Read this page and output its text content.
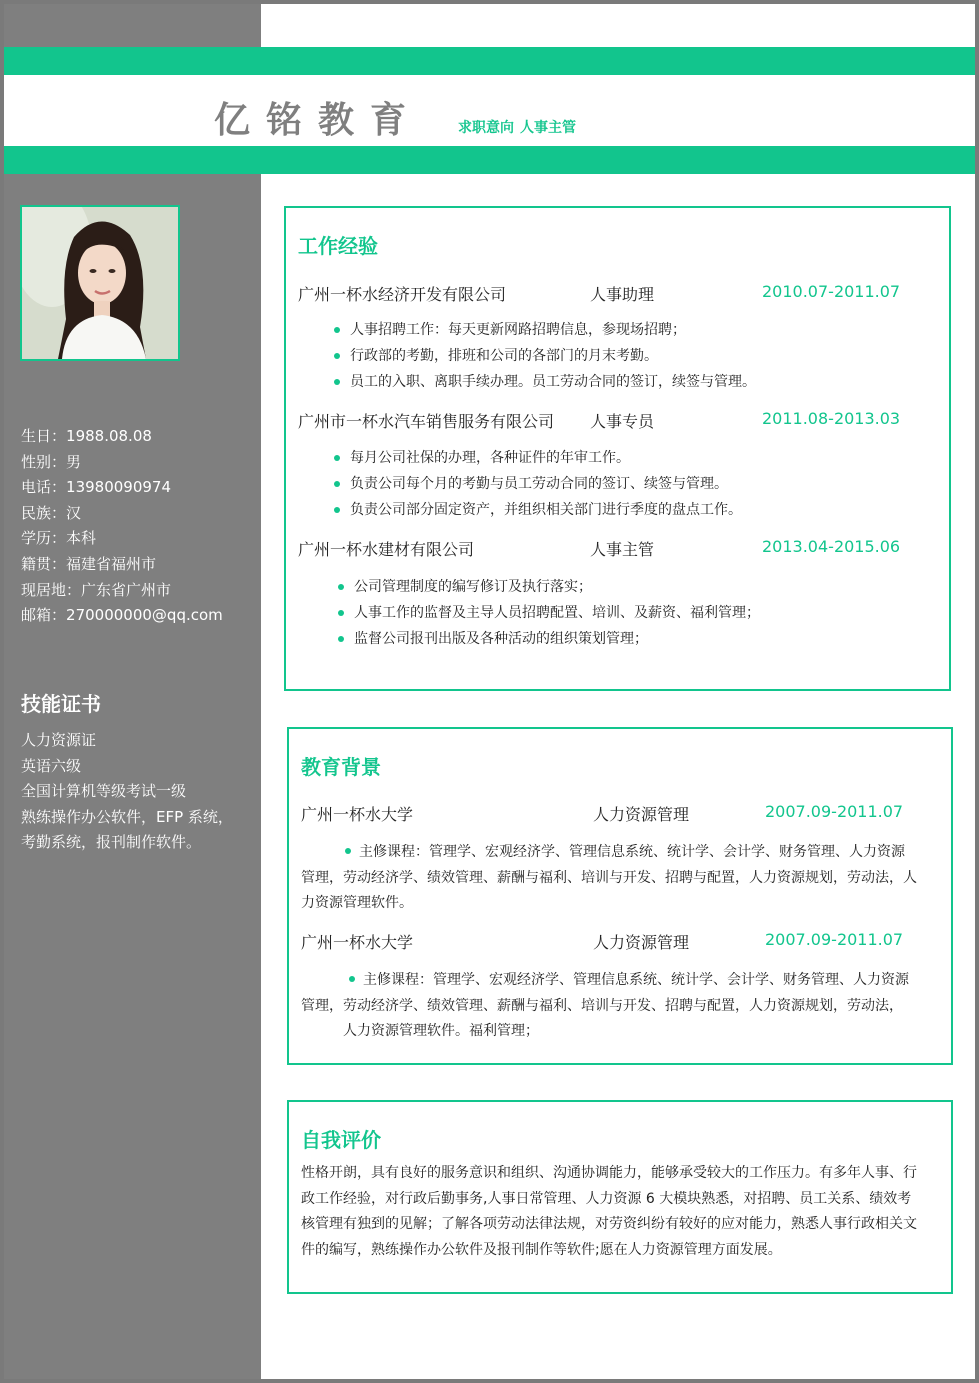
亿铭教育	求职意向 人事主管
生日：1988.08.08
性别：男
电话：13980090974
民族：汉
学历：本科
籍贯：福建省福州市
现居地：广东省广州市
邮箱：270000000@qq.com
技能证书
人力资源证
英语六级
全国计算机等级考试一级
熟练操作办公软件，EFP 系统，
考勤系统，报刊制作软件。
工作经验
广州一杯水经济开发有限公司	人事助理	2010.07-2011.07
人事招聘工作：每天更新网路招聘信息，参现场招聘；
行政部的考勤，排班和公司的各部门的月末考勤。
员工的入职、离职手续办理。员工劳动合同的签订，续签与管理。
广州市一杯水汽车销售服务有限公司 人事专员	2011.08-2013.03
每月公司社保的办理，各种证件的年审工作。
负责公司每个月的考勤与员工劳动合同的签订、续签与管理。
负责公司部分固定资产，并组织相关部门进行季度的盘点工作。
广州一杯水建材有限公司	人事主管	2013.04-2015.06
公司管理制度的编写修订及执行落实；
人事工作的监督及主导人员招聘配置、培训、及薪资、福利管理；
监督公司报刊出版及各种活动的组织策划管理；
教育背景
广州一杯水大学	人力资源管理	2007.09-2011.07
主修课程：管理学、宏观经济学、管理信息系统、统计学、会计学、财务管理、人力资源
管理，劳动经济学、绩效管理、薪酬与福利、培训与开发、招聘与配置，人力资源规划，劳动法，人
力资源管理软件。
广州一杯水大学	人力资源管理	2007.09-2011.07
主修课程：管理学、宏观经济学、管理信息系统、统计学、会计学、财务管理、人力资源
管理，劳动经济学、绩效管理、薪酬与福利、培训与开发、招聘与配置，人力资源规划，劳动法，
人力资源管理软件。福利管理；
自我评价
性格开朗，具有良好的服务意识和组织、沟通协调能力，能够承受较大的工作压力。有多年人事、行
政工作经验，对行政后勤事务,人事日常管理、人力资源 6 大模块熟悉，对招聘、员工关系、绩效考
核管理有独到的见解；了解各项劳动法律法规，对劳资纠纷有较好的应对能力，熟悉人事行政相关文
件的编写，熟练操作办公软件及报刊制作等软件;愿在人力资源管理方面发展。
